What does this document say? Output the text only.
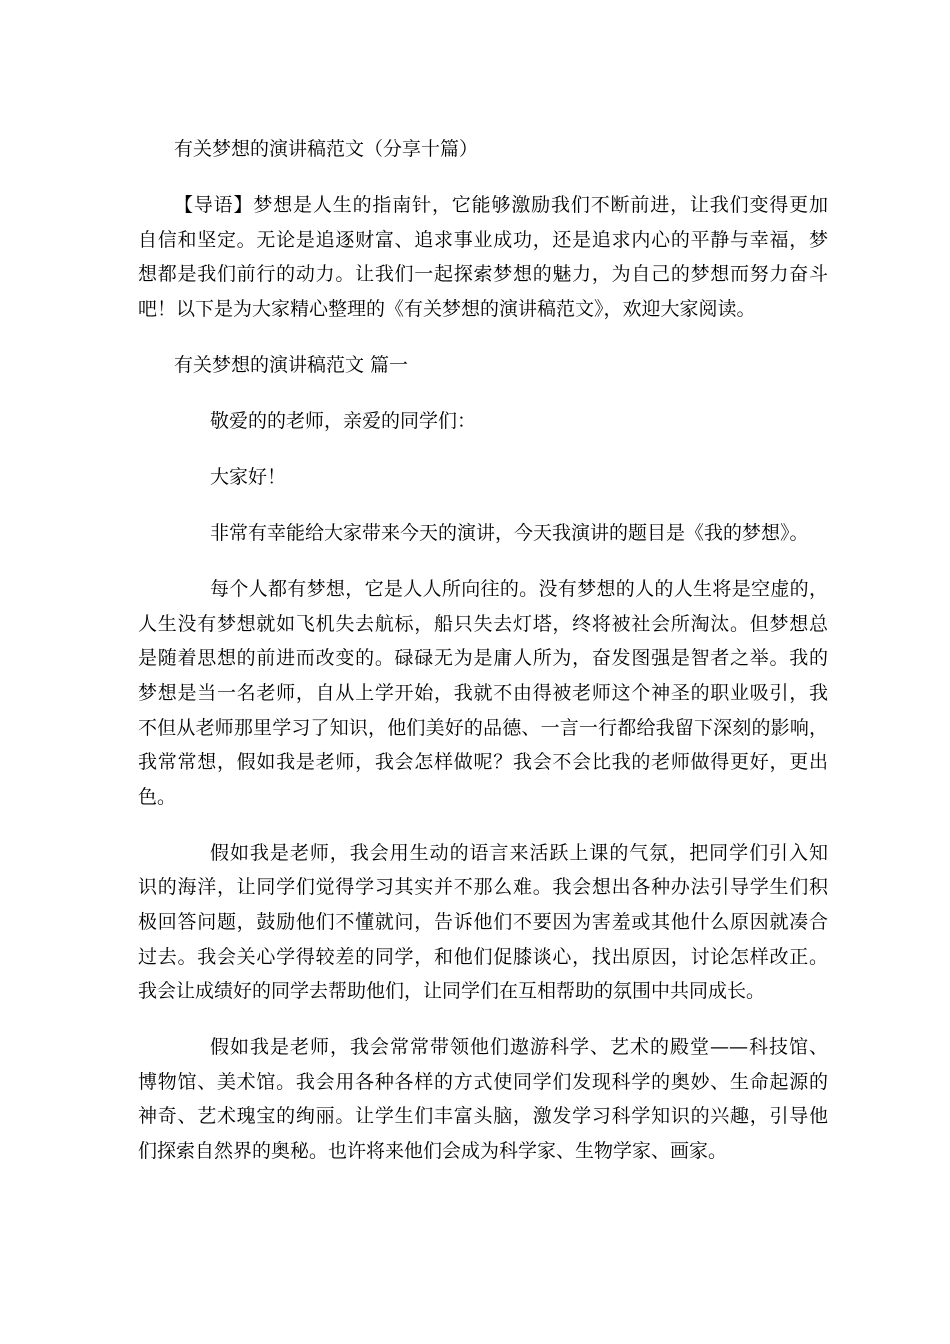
有关梦想的演讲稿范文（分享十篇）

【导语】梦想是人生的指南针，它能够激励我们不断前进，让我们变得更加

自信和坚定。无论是追逐财富、追求事业成功，还是追求内心的平静与幸福，梦

想都是我们前行的动力。让我们一起探索梦想的魅力，为自己的梦想而努力奋斗

吧！以下是为大家精心整理的《有关梦想的演讲稿范文》，欢迎大家阅读。

有关梦想的演讲稿范文 篇一

敬爱的的老师，亲爱的同学们：

大家好！

非常有幸能给大家带来今天的演讲，今天我演讲的题目是《我的梦想》。

每个人都有梦想，它是人人所向往的。没有梦想的人的人生将是空虚的，

人生没有梦想就如飞机失去航标，船只失去灯塔，终将被社会所淘汰。但梦想总

是随着思想的前进而改变的。碌碌无为是庸人所为，奋发图强是智者之举。我的

梦想是当一名老师，自从上学开始，我就不由得被老师这个神圣的职业吸引，我

不但从老师那里学习了知识，他们美好的品德、一言一行都给我留下深刻的影响，

我常常想，假如我是老师，我会怎样做呢？我会不会比我的老师做得更好，更出

色。

假如我是老师，我会用生动的语言来活跃上课的气氛，把同学们引入知

识的海洋，让同学们觉得学习其实并不那么难。我会想出各种办法引导学生们积

极回答问题，鼓励他们不懂就问，告诉他们不要因为害羞或其他什么原因就凑合

过去。我会关心学得较差的同学，和他们促膝谈心，找出原因，讨论怎样改正。

我会让成绩好的同学去帮助他们，让同学们在互相帮助的氛围中共同成长。

假如我是老师，我会常常带领他们遨游科学、艺术的殿堂——科技馆、

博物馆、美术馆。我会用各种各样的方式使同学们发现科学的奥妙、生命起源的

神奇、艺术瑰宝的绚丽。让学生们丰富头脑，激发学习科学知识的兴趣，引导他

们探索自然界的奥秘。也许将来他们会成为科学家、生物学家、画家。
